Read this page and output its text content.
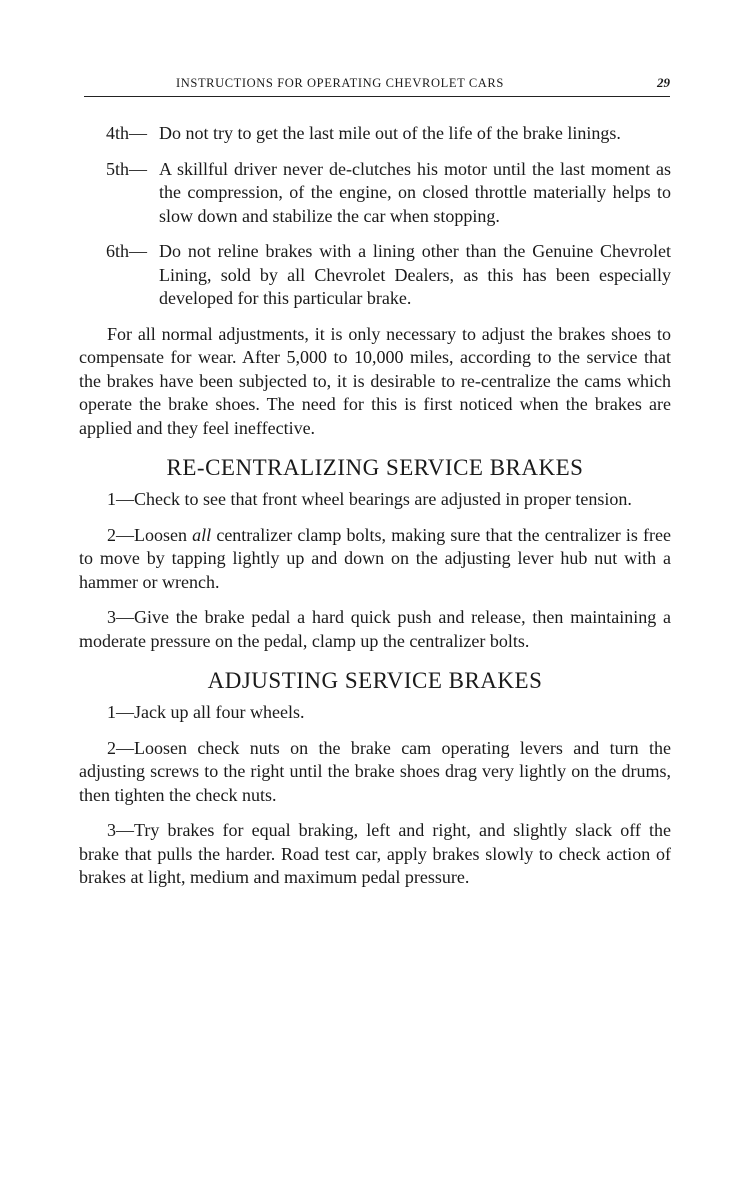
INSTRUCTIONS FOR OPERATING CHEVROLET CARS	29
4th— Do not try to get the last mile out of the life of the brake linings.
5th— A skillful driver never de-clutches his motor until the last moment as the compression, of the engine, on closed throttle materially helps to slow down and stabilize the car when stopping.
6th— Do not reline brakes with a lining other than the Genuine Chevrolet Lining, sold by all Chevrolet Dealers, as this has been especially developed for this particular brake.

For all normal adjustments, it is only necessary to adjust the brakes shoes to compensate for wear. After 5,000 to 10,000 miles, according to the service that the brakes have been subjected to, it is desirable to re-centralize the cams which operate the brake shoes. The need for this is first noticed when the brakes are applied and they feel ineffective.

RE-CENTRALIZING SERVICE BRAKES

1—Check to see that front wheel bearings are adjusted in proper tension.

2—Loosen all centralizer clamp bolts, making sure that the centralizer is free to move by tapping lightly up and down on the adjusting lever hub nut with a hammer or wrench.

3—Give the brake pedal a hard quick push and release, then maintaining a moderate pressure on the pedal, clamp up the centralizer bolts.

ADJUSTING SERVICE BRAKES

1—Jack up all four wheels.

2—Loosen check nuts on the brake cam operating levers and turn the adjusting screws to the right until the brake shoes drag very lightly on the drums, then tighten the check nuts.

3—Try brakes for equal braking, left and right, and slightly slack off the brake that pulls the harder. Road test car, apply brakes slowly to check action of brakes at light, medium and maximum pedal pressure.
